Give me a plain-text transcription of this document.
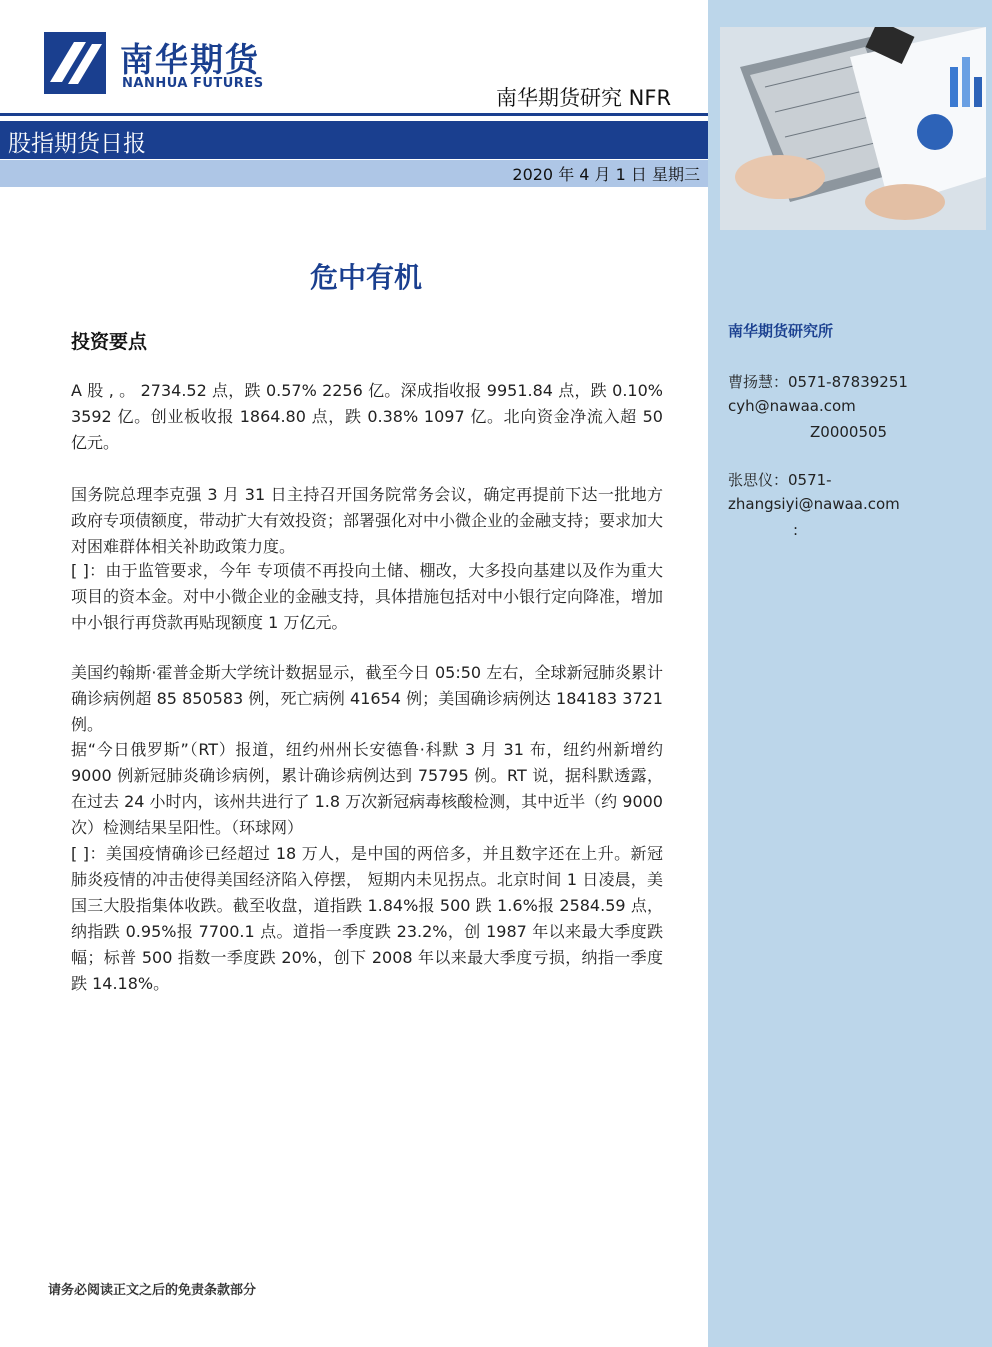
南华期货
NANHUA FUTURES
南华期货研究 NFR
股指期货日报
2020 年 4 月 1 日 星期三
危中有机
投资要点

A 股 , 。 2734.52 点，跌 0.57% 2256 亿。深成指收报 9951.84 点，跌 0.10% 3592 亿。创业板收报 1864.80 点，跌 0.38% 1097 亿。北向资金净流入超 50 亿元。

国务院总理李克强 3 月 31 日主持召开国务院常务会议，确定再提前下达一批地方政府专项债额度，带动扩大有效投资；部署强化对中小微企业的金融支持；要求加大对困难群体相关补助政策力度。

[ ]：由于监管要求，今年 专项债不再投向土储、棚改，大多投向基建以及作为重大项目的资本金。对中小微企业的金融支持，具体措施包括对中小银行定向降准，增加中小银行再贷款再贴现额度 1 万亿元。

美国约翰斯·霍普金斯大学统计数据显示，截至今日 05:50 左右，全球新冠肺炎累计确诊病例超 85 850583 例，死亡病例 41654 例；美国确诊病例达 184183 3721 例。

据“今日俄罗斯”（RT）报道，纽约州州长安德鲁·科默 3 月 31 布，纽约州新增约 9000 例新冠肺炎确诊病例，累计确诊病例达到 75795 例。RT 说，据科默透露，在过去 24 小时内，该州共进行了 1.8 万次新冠病毒核酸检测，其中近半（约 9000 次）检测结果呈阳性。（环球网）

[ ]：美国疫情确诊已经超过 18 万人，是中国的两倍多，并且数字还在上升。新冠肺炎疫情的冲击使得美国经济陷入停摆， 短期内未见拐点。北京时间 1 日凌晨，美国三大股指集体收跌。截至收盘，道指跌 1.84%报 500 跌 1.6%报 2584.59 点，纳指跌 0.95%报 7700.1 点。道指一季度跌 23.2%，创 1987 年以来最大季度跌幅；标普 500 指数一季度跌 20%，创下 2008 年以来最大季度亏损，纳指一季度跌 14.18%。

南华期货研究所
曹扬慧：0571-87839251
cyh@nawaa.com
Z0000505
张思仪：0571-
zhangsiyi@nawaa.com
:
请务必阅读正文之后的免责条款部分
